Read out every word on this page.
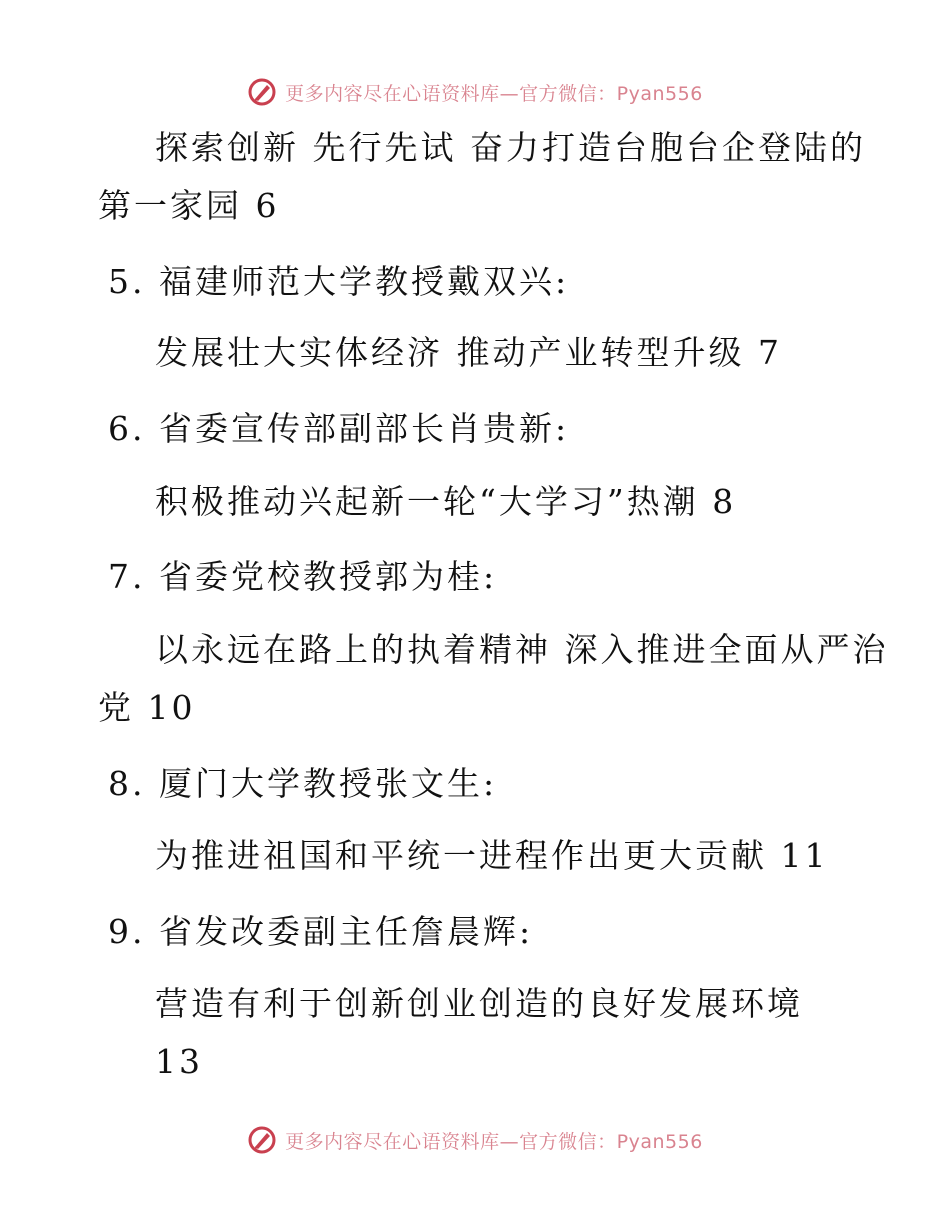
更多内容尽在心语资料库—官方微信：Pyan556
探索创新 先行先试 奋力打造台胞台企登陆的
第一家园 6
5. 福建师范大学教授戴双兴:
发展壮大实体经济 推动产业转型升级 7
6. 省委宣传部副部长肖贵新:
积极推动兴起新一轮“大学习”热潮 8
7. 省委党校教授郭为桂:
以永远在路上的执着精神 深入推进全面从严治
党 10
8. 厦门大学教授张文生:
为推进祖国和平统一进程作出更大贡献 11
9. 省发改委副主任詹晨辉:
营造有利于创新创业创造的良好发展环境
13
更多内容尽在心语资料库—官方微信：Pyan556
